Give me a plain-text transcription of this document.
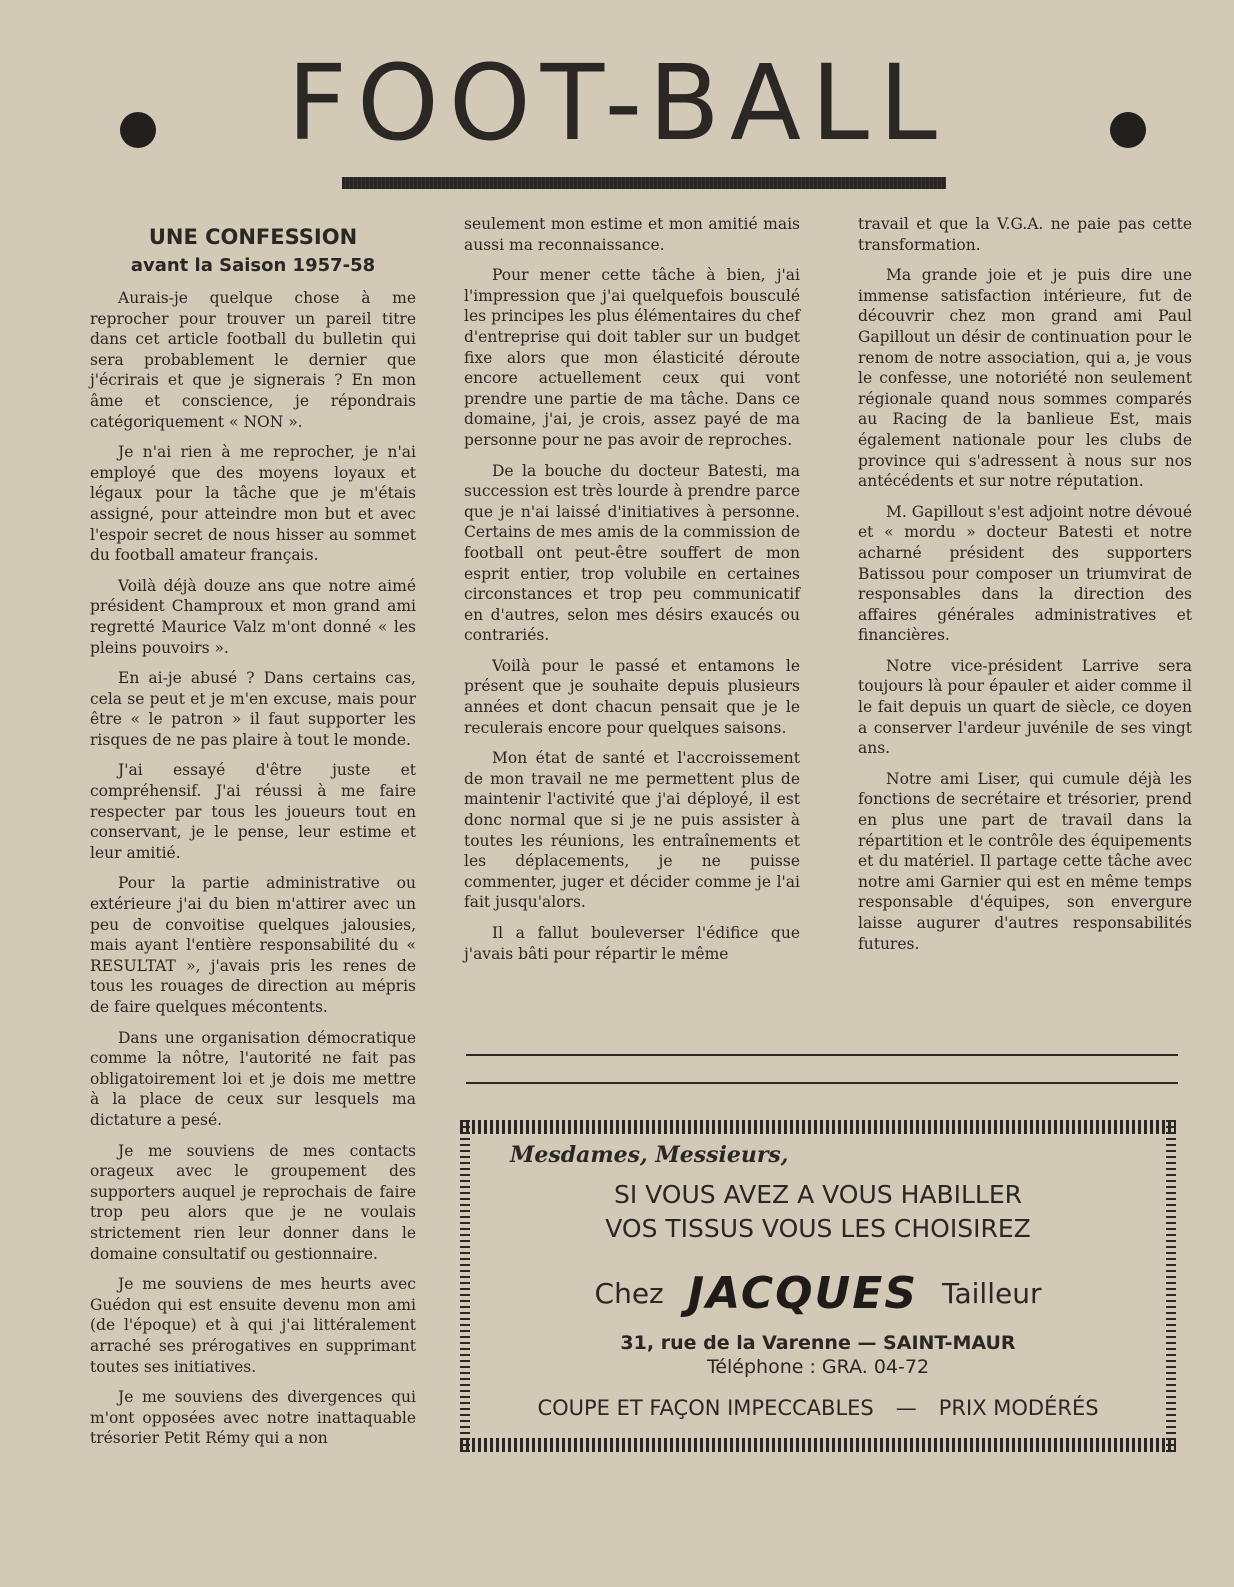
FOOT-BALL
UNE CONFESSION
avant la Saison 1957-58

Aurais-je quelque chose à me reprocher pour trouver un pareil titre dans cet article football du bulletin qui sera probablement le dernier que j'écrirais et que je signerais ? En mon âme et conscience, je répondrais catégoriquement « NON ».

Je n'ai rien à me reprocher, je n'ai employé que des moyens loyaux et légaux pour la tâche que je m'étais assigné, pour atteindre mon but et avec l'espoir secret de nous hisser au sommet du football amateur français.

Voilà déjà douze ans que notre aimé président Champroux et mon grand ami regretté Maurice Valz m'ont donné « les pleins pouvoirs ».

En ai-je abusé ? Dans certains cas, cela se peut et je m'en excuse, mais pour être « le patron » il faut supporter les risques de ne pas plaire à tout le monde.

J'ai essayé d'être juste et compréhensif. J'ai réussi à me faire respecter par tous les joueurs tout en conservant, je le pense, leur estime et leur amitié.

Pour la partie administrative ou extérieure j'ai du bien m'attirer avec un peu de convoitise quelques jalousies, mais ayant l'entière responsabilité du « RESULTAT », j'avais pris les renes de tous les rouages de direction au mépris de faire quelques mécontents.

Dans une organisation démocratique comme la nôtre, l'autorité ne fait pas obligatoirement loi et je dois me mettre à la place de ceux sur lesquels ma dictature a pesé.

Je me souviens de mes contacts orageux avec le groupement des supporters auquel je reprochais de faire trop peu alors que je ne voulais strictement rien leur donner dans le domaine consultatif ou gestionnaire.

Je me souviens de mes heurts avec Guédon qui est ensuite devenu mon ami (de l'époque) et à qui j'ai littéralement arraché ses prérogatives en supprimant toutes ses initiatives.

Je me souviens des divergences qui m'ont opposées avec notre inattaquable trésorier Petit Rémy qui a non

seulement mon estime et mon amitié mais aussi ma reconnaissance.

Pour mener cette tâche à bien, j'ai l'impression que j'ai quelquefois bousculé les principes les plus élémentaires du chef d'entreprise qui doit tabler sur un budget fixe alors que mon élasticité déroute encore actuellement ceux qui vont prendre une partie de ma tâche. Dans ce domaine, j'ai, je crois, assez payé de ma personne pour ne pas avoir de reproches.

De la bouche du docteur Batesti, ma succession est très lourde à prendre parce que je n'ai laissé d'initiatives à personne. Certains de mes amis de la commission de football ont peut-être souffert de mon esprit entier, trop volubile en certaines circonstances et trop peu communicatif en d'autres, selon mes désirs exaucés ou contrariés.

Voilà pour le passé et entamons le présent que je souhaite depuis plusieurs années et dont chacun pensait que je le reculerais encore pour quelques saisons.

Mon état de santé et l'accroissement de mon travail ne me permettent plus de maintenir l'activité que j'ai déployé, il est donc normal que si je ne puis assister à toutes les réunions, les entraînements et les déplacements, je ne puisse commenter, juger et décider comme je l'ai fait jusqu'alors.

Il a fallut bouleverser l'édifice que j'avais bâti pour répartir le même

travail et que la V.G.A. ne paie pas cette transformation.

Ma grande joie et je puis dire une immense satisfaction intérieure, fut de découvrir chez mon grand ami Paul Gapillout un désir de continuation pour le renom de notre association, qui a, je vous le confesse, une notoriété non seulement régionale quand nous sommes comparés au Racing de la banlieue Est, mais également nationale pour les clubs de province qui s'adressent à nous sur nos antécédents et sur notre réputation.

M. Gapillout s'est adjoint notre dévoué et « mordu » docteur Batesti et notre acharné président des supporters Batissou pour composer un triumvirat de responsables dans la direction des affaires générales administratives et financières.

Notre vice-président Larrive sera toujours là pour épauler et aider comme il le fait depuis un quart de siècle, ce doyen a conserver l'ardeur juvénile de ses vingt ans.

Notre ami Liser, qui cumule déjà les fonctions de secrétaire et trésorier, prend en plus une part de travail dans la répartition et le contrôle des équipements et du matériel. Il partage cette tâche avec notre ami Garnier qui est en même temps responsable d'équipes, son envergure laisse augurer d'autres responsabilités futures.

Mesdames, Messieurs,
SI VOUS AVEZ A VOUS HABILLER
VOS TISSUS VOUS LES CHOISIREZ
Chez JACQUES Tailleur
31, rue de la Varenne — SAINT-MAUR
Téléphone : GRA. 04-72
COUPE ET FAÇON IMPECCABLES — PRIX MODÉRÉS
